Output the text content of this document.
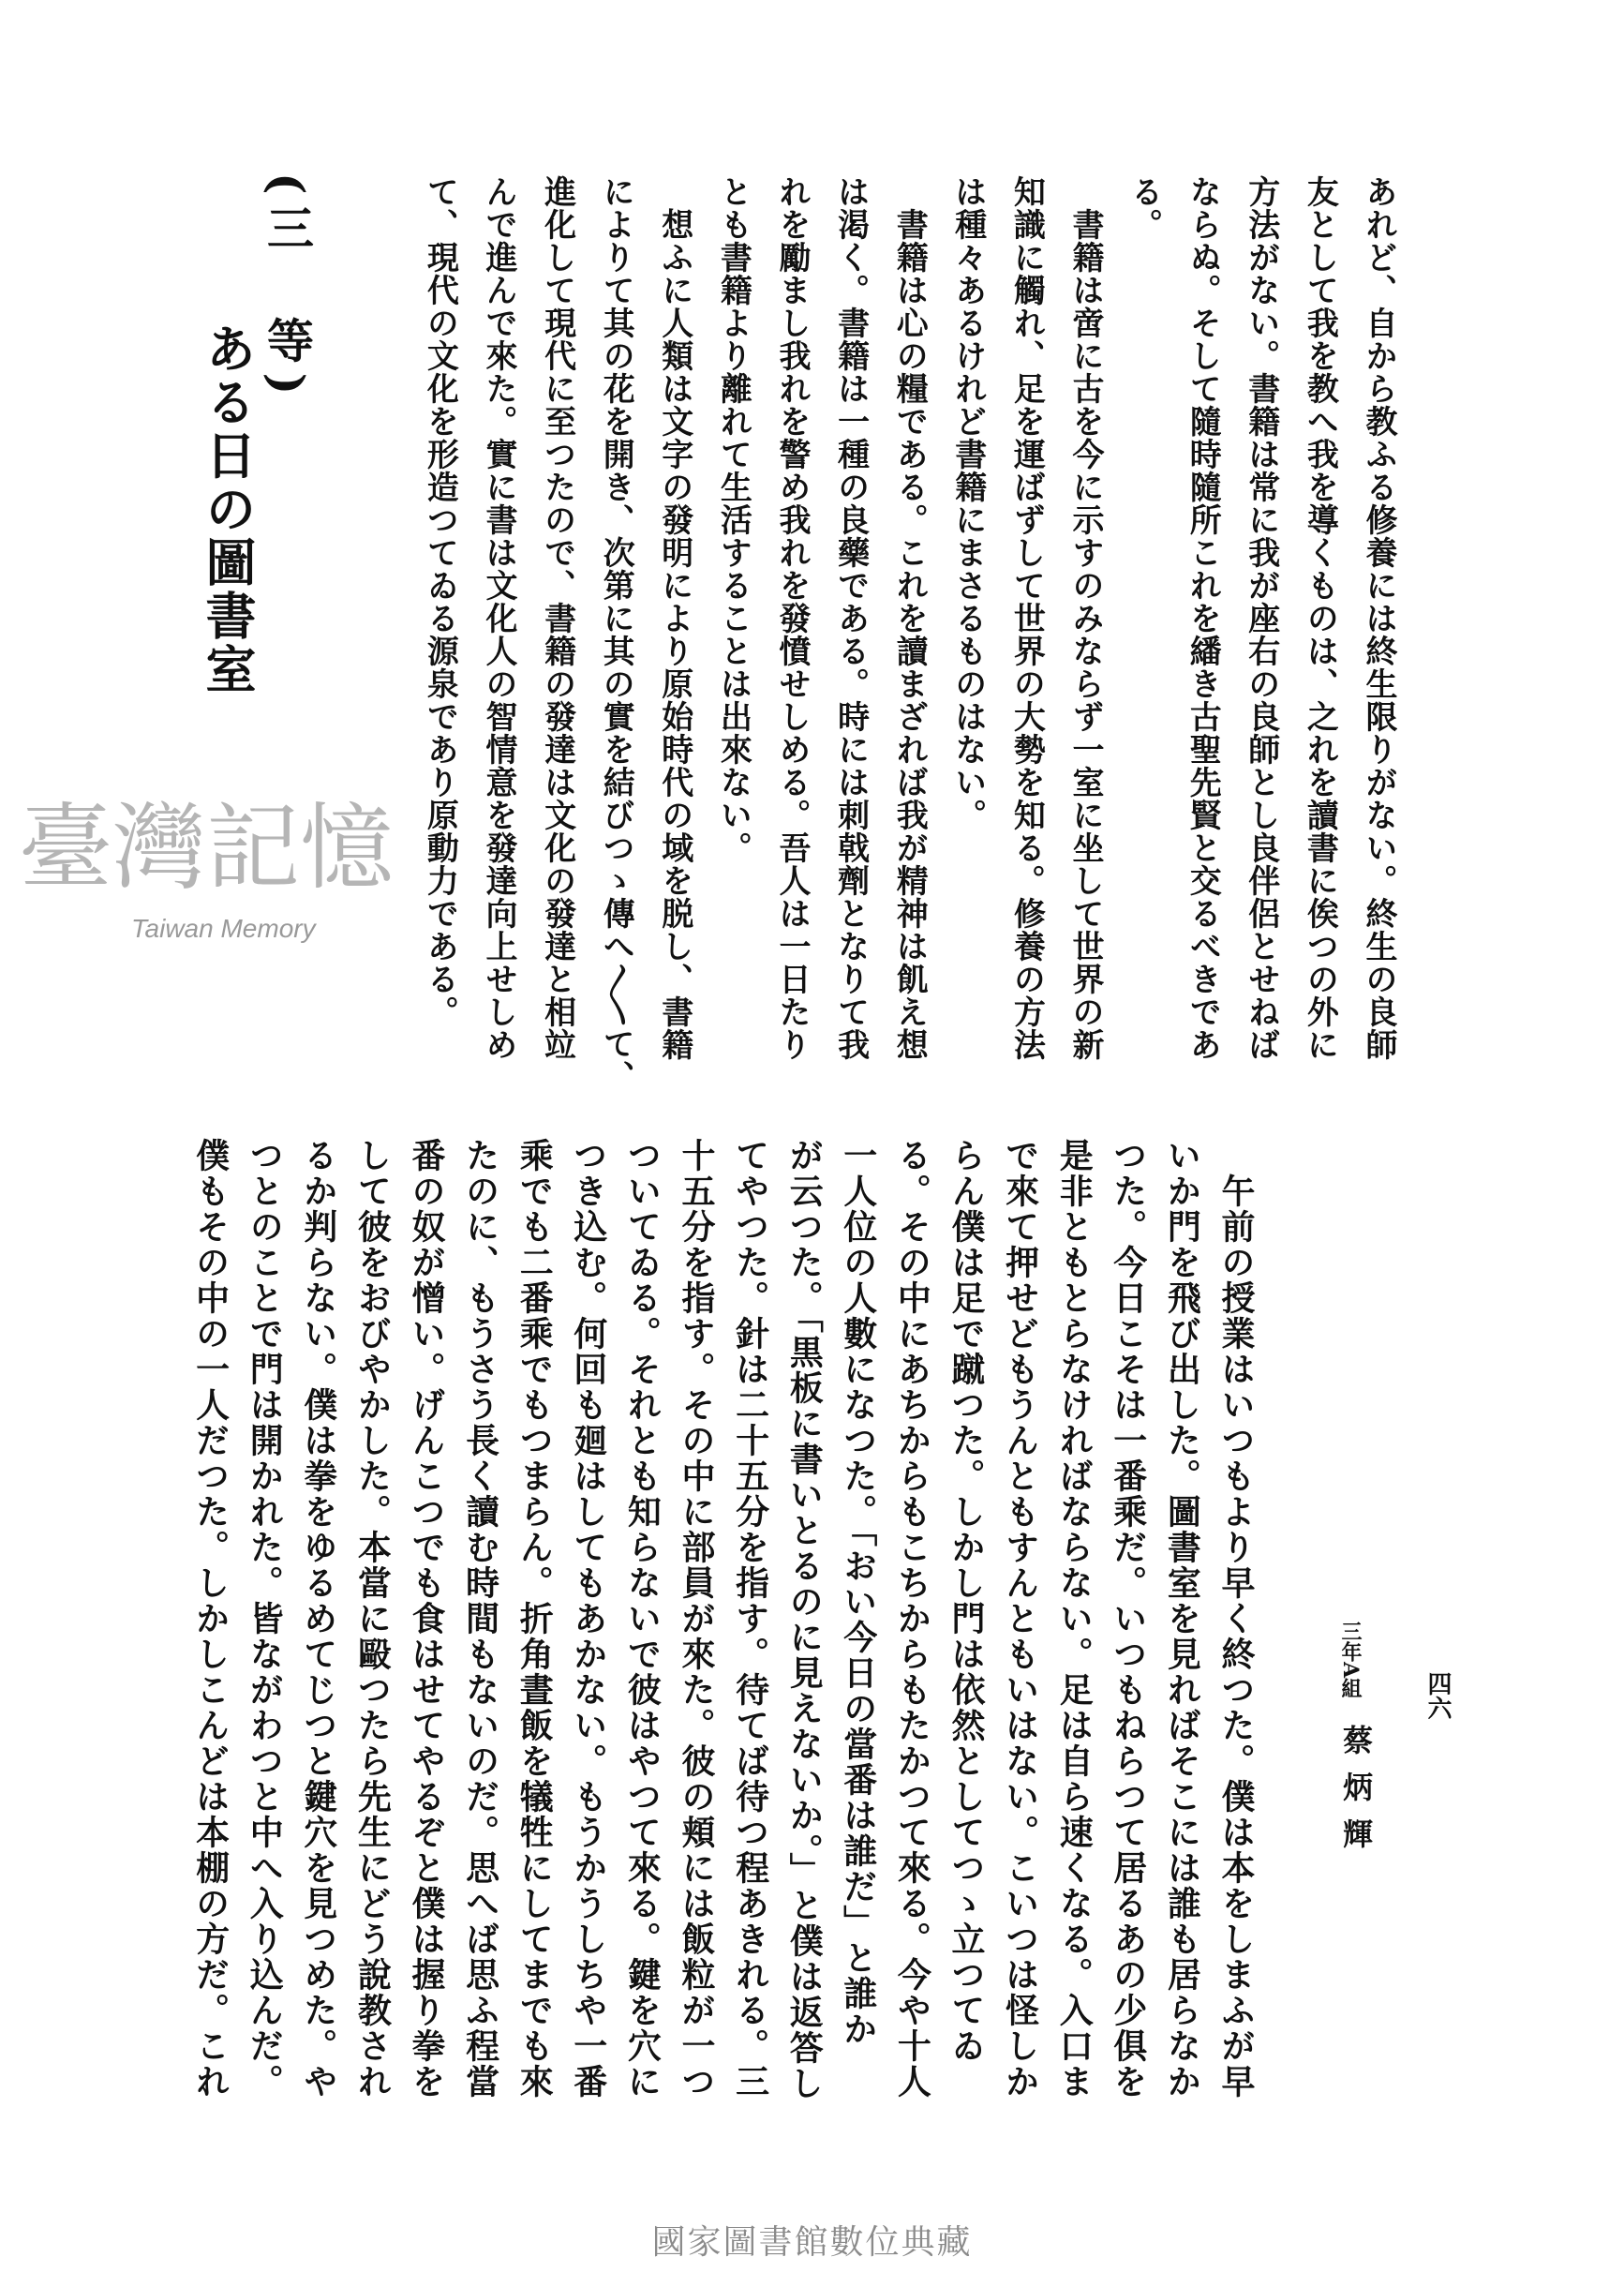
四六
あれど、自から教ふる修養には終生限りがない。終生の良師
友として我を教へ我を導くものは、之れを讀書に俟つの外に
方法がない。書籍は常に我が座右の良師とし良伴侶とせねば
ならぬ。そして隨時隨所これを繙き古聖先賢と交るべきであ
る。
　書籍は啻に古を今に示すのみならず一室に坐して世界の新
知識に觸れ、足を運ばずして世界の大勢を知る。修養の方法
は種々あるけれど書籍にまさるものはない。
　書籍は心の糧である。これを讀まざれば我が精神は飢え想
は渇く。書籍は一種の良藥である。時には刺戟劑となりて我
れを勵まし我れを警め我れを發憤せしめる。吾人は一日たり
とも書籍より離れて生活することは出來ない。
　想ふに人類は文字の發明により原始時代の域を脱し、書籍
によりて其の花を開き、次第に其の實を結びつゝ傳へ〱て、
進化して現代に至つたので、書籍の發達は文化の發達と相竝
んで進んで來た。實に書は文化人の智情意を發達向上せしめ
て、現代の文化を形造つてゐる源泉であり原動力である。
(三　等)
ある日の圖書室
　午前の授業はいつもより早く終つた。僕は本をしまふが早
いか門を飛び出した。圖書室を見ればそこには誰も居らなか
つた。今日こそは一番乘だ。いつもねらつて居るあの少俱を
是非ともとらなければならない。足は自ら速くなる。入口ま
で來て押せどもうんともすんともいはない。こいつは怪しか
らん僕は足で蹴つた。しかし門は依然としてつゝ立つてゐ
る。その中にあちからもこちからもたかつて來る。今や十人
一人位の人數になつた。「おい今日の當番は誰だ」と誰か
が云つた。「黒板に書いとるのに見えないか。」と僕は返答し
てやつた。針は二十五分を指す。待てば待つ程あきれる。三
十五分を指す。その中に部員が來た。彼の頬には飯粒が一つ
ついてゐる。それとも知らないで彼はやつて來る。鍵を穴に
つき込む。何回も廻はしてもあかない。もうかうしちや一番
乘でも二番乘でもつまらん。折角晝飯を犠牲にしてまでも來
たのに、もうさう長く讀む時間もないのだ。思へば思ふ程當
番の奴が憎い。げんこつでも食はせてやるぞと僕は握り拳を
して彼をおびやかした。本當に毆つたら先生にどう說教され
るか判らない。僕は拳をゆるめてじつと鍵穴を見つめた。や
つとのことで門は開かれた。皆ながわつと中へ入り込んだ。
僕もその中の一人だつた。しかしこんどは本棚の方だ。これ	三年A組
蔡炳輝
臺灣記憶
Taiwan Memory
國家圖書館數位典藏
